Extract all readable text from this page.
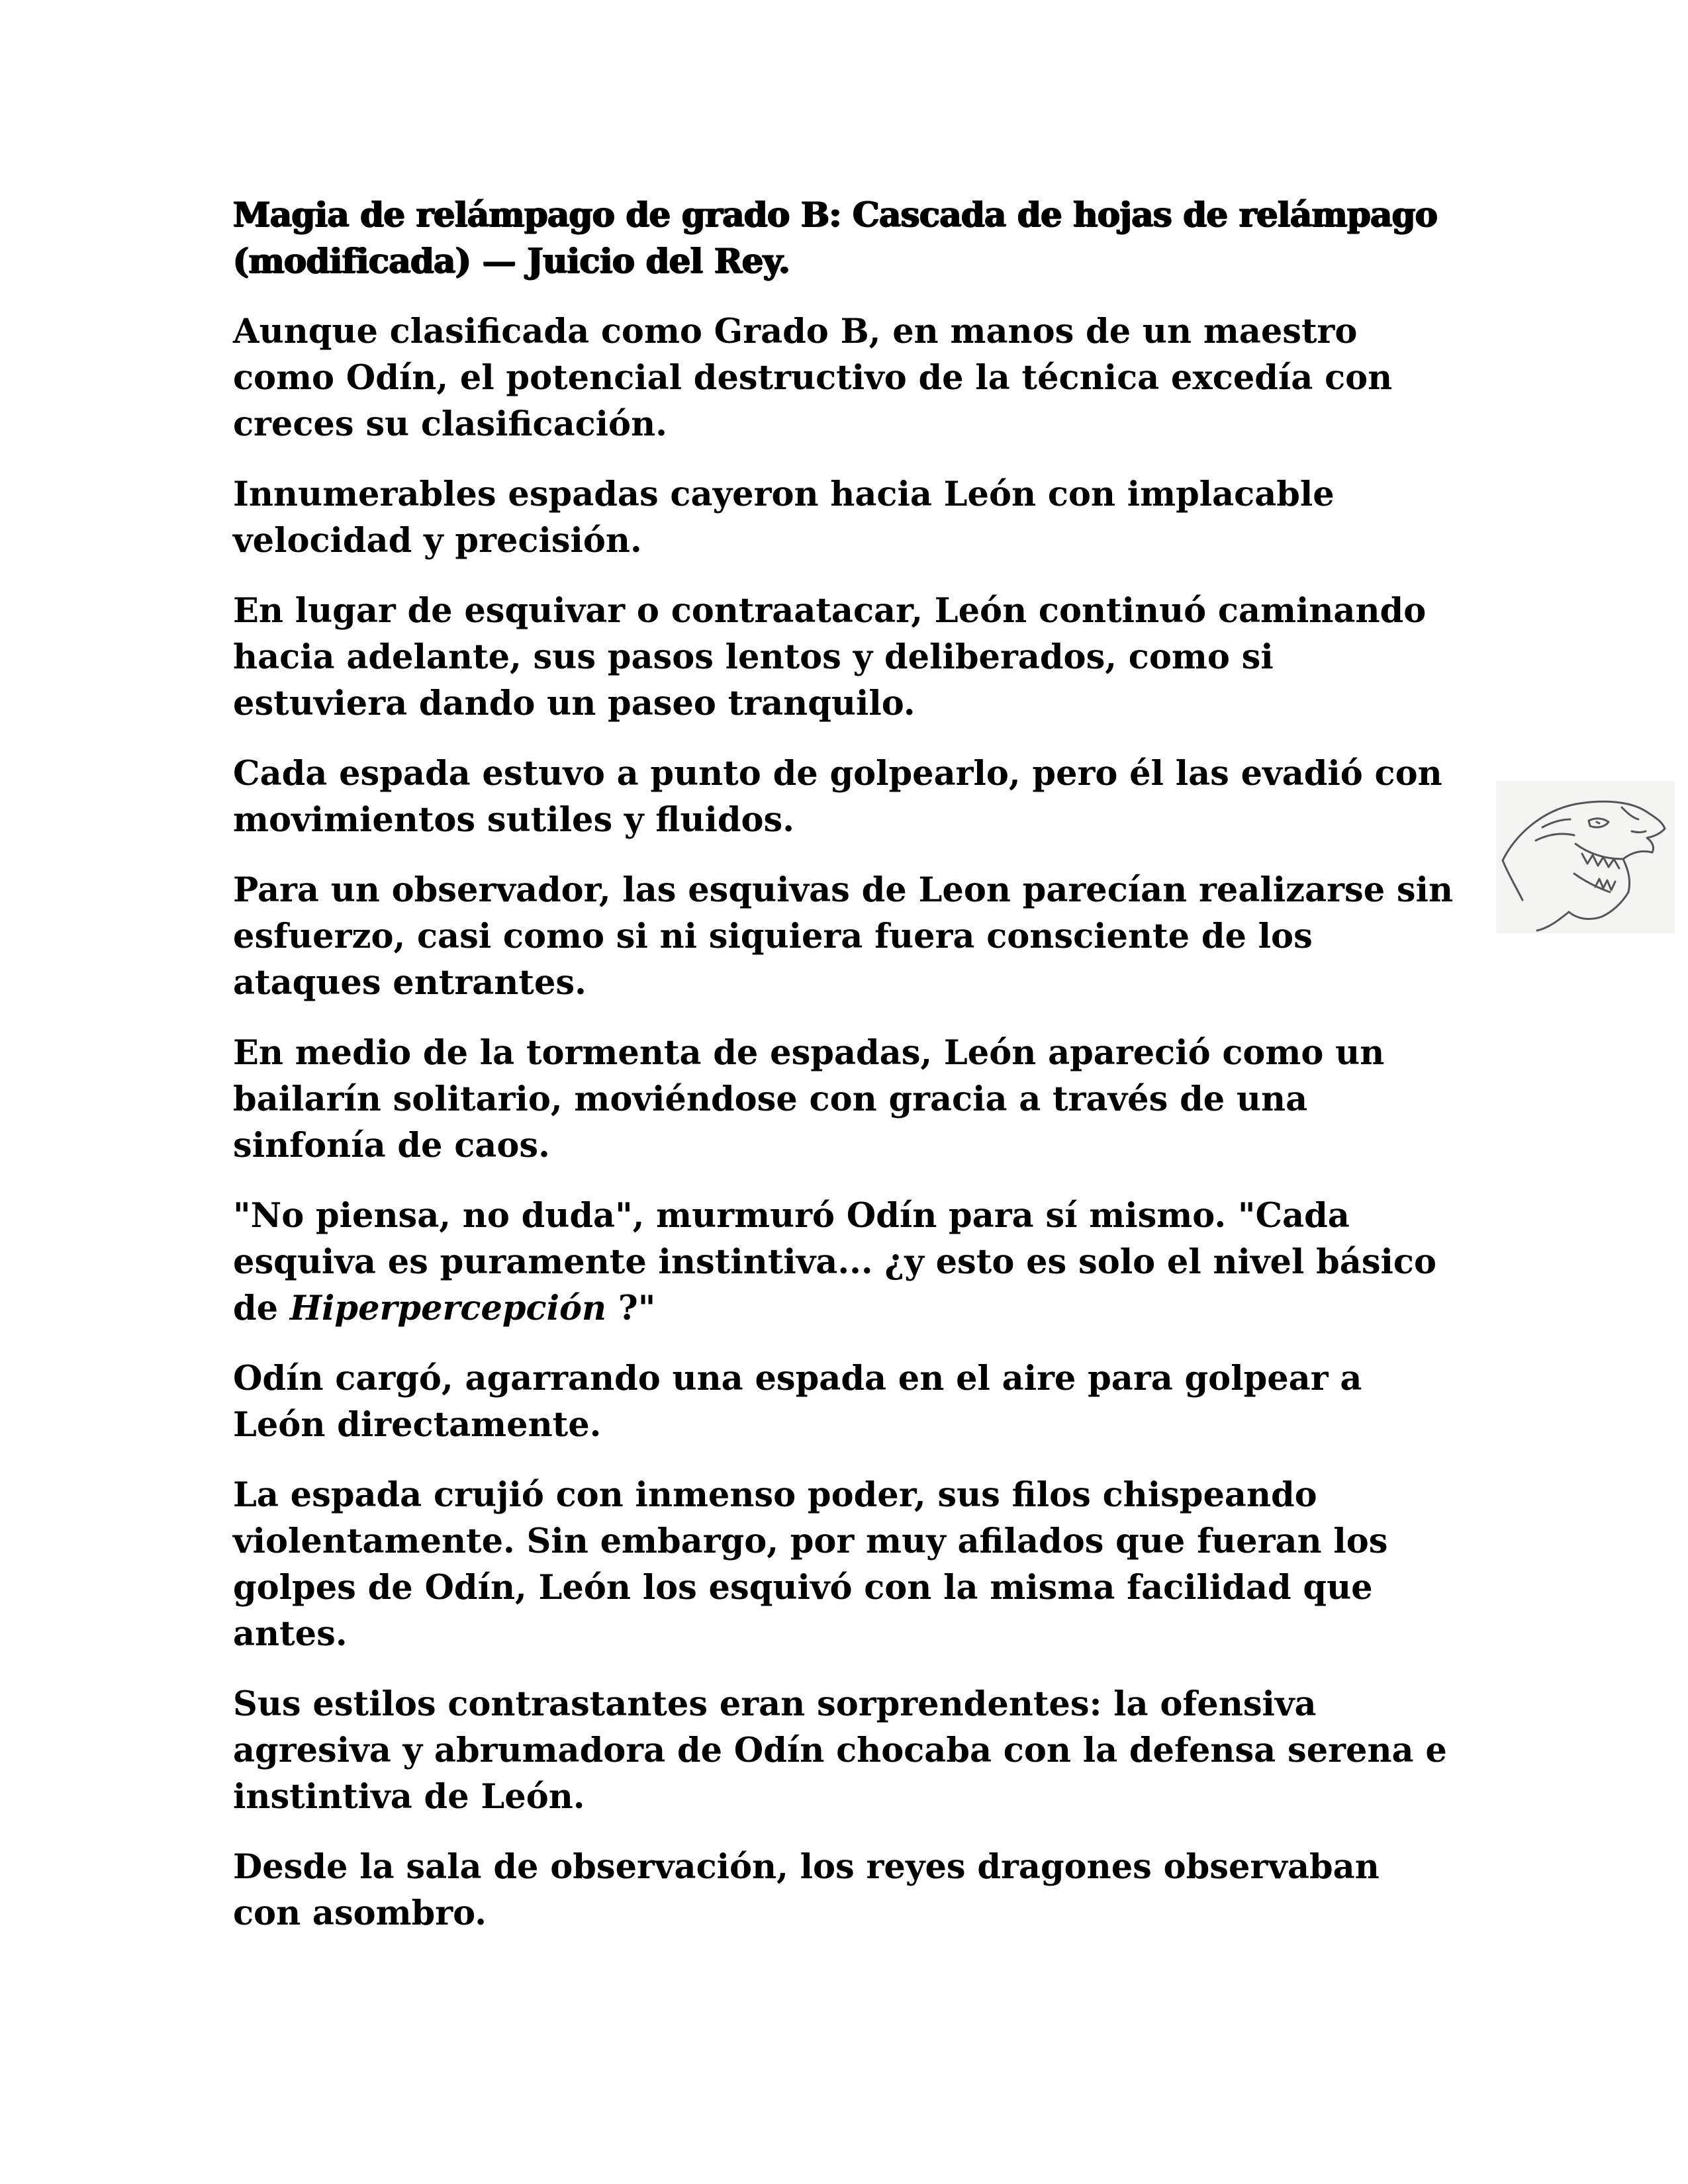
Magia de relámpago de grado B: Cascada de hojas de relámpago (modificada) — Juicio del Rey.

Aunque clasificada como Grado B, en manos de un maestro como Odín, el potencial destructivo de la técnica excedía con creces su clasificación.

Innumerables espadas cayeron hacia León con implacable velocidad y precisión.

En lugar de esquivar o contraatacar, León continuó caminando hacia adelante, sus pasos lentos y deliberados, como si estuviera dando un paseo tranquilo.

Cada espada estuvo a punto de golpearlo, pero él las evadió con movimientos sutiles y fluidos.

Para un observador, las esquivas de Leon parecían realizarse sin esfuerzo, casi como si ni siquiera fuera consciente de los ataques entrantes.

En medio de la tormenta de espadas, León apareció como un bailarín solitario, moviéndose con gracia a través de una sinfonía de caos.

"No piensa, no duda", murmuró Odín para sí mismo. "Cada esquiva es puramente instintiva... ¿y esto es solo el nivel básico de Hiperpercepción ?"

Odín cargó, agarrando una espada en el aire para golpear a León directamente.

La espada crujió con inmenso poder, sus filos chispeando violentamente. Sin embargo, por muy afilados que fueran los golpes de Odín, León los esquivó con la misma facilidad que antes.

Sus estilos contrastantes eran sorprendentes: la ofensiva agresiva y abrumadora de Odín chocaba con la defensa serena e instintiva de León.

Desde la sala de observación, los reyes dragones observaban con asombro.
